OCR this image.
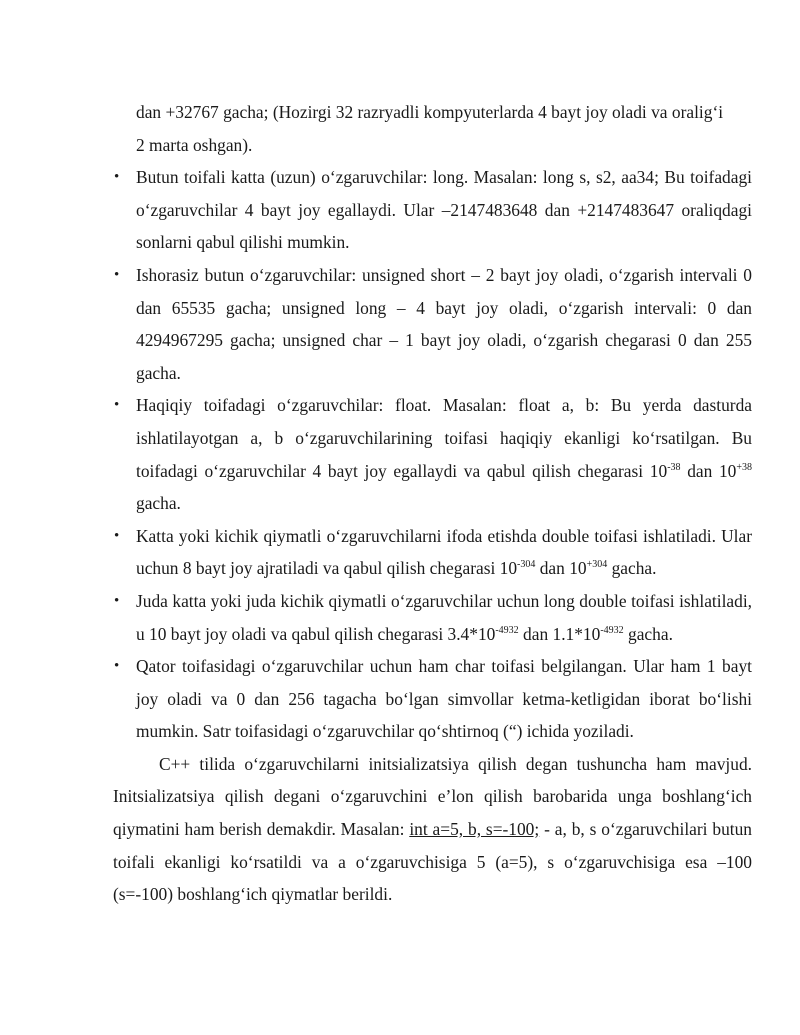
dan +32767 gacha; (Hozirgi 32 razryadli kompyuterlarda 4 bayt joy oladi va oralig‘i
2 marta oshgan).
• Butun toifali katta (uzun) o‘zgaruvchilar: long. Masalan: long s, s2, aa34; Bu toifadagi o‘zgaruvchilar 4 bayt joy egallaydi. Ular –2147483648 dan +2147483647 oraliqdagi sonlarni qabul qilishi mumkin.
• Ishorasiz butun o‘zgaruvchilar: unsigned short – 2 bayt joy oladi, o‘zgarish intervali 0 dan 65535 gacha; unsigned long – 4 bayt joy oladi, o‘zgarish intervali: 0 dan 4294967295 gacha; unsigned char – 1 bayt joy oladi, o‘zgarish chegarasi 0 dan 255 gacha.
• Haqiqiy toifadagi o‘zgaruvchilar: float. Masalan: float a, b: Bu yerda dasturda ishlatilayotgan a, b o‘zgaruvchilarining toifasi haqiqiy ekanligi ko‘rsatilgan. Bu toifadagi o‘zgaruvchilar 4 bayt joy egallaydi va qabul qilish chegarasi $10^{-38}$ dan $10^{+38}$ gacha.
• Katta yoki kichik qiymatli o‘zgaruvchilarni ifoda etishda double toifasi ishlatiladi. Ular uchun 8 bayt joy ajratiladi va qabul qilish chegarasi $10^{-304}$ dan $10^{+304}$ gacha.
• Juda katta yoki juda kichik qiymatli o‘zgaruvchilar uchun long double toifasi ishlatiladi, u 10 bayt joy oladi va qabul qilish chegarasi $3.4*10^{-4932}$ dan $1.1*10^{-4932}$ gacha.
• Qator toifasidagi o‘zgaruvchilar uchun ham char toifasi belgilangan. Ular ham 1 bayt joy oladi va 0 dan 256 tagacha bo‘lgan simvollar ketma-ketligidan iborat bo‘lishi mumkin. Satr toifasidagi o‘zgaruvchilar qo‘shtirnoq (“) ichida yoziladi.

C++ tilida o‘zgaruvchilarni initsializatsiya qilish degan tushuncha ham mavjud. Initsializatsiya qilish degani o‘zgaruvchini e’lon qilish barobarida unga boshlang‘ich qiymatini ham berish demakdir. Masalan: int a=5, b, s=-100; - a, b, s o‘zgaruvchilari butun toifali ekanligi ko‘rsatildi va a o‘zgaruvchisiga 5 (a=5), s o‘zgaruvchisiga esa –100 (s=-100) boshlang‘ich qiymatlar berildi.
